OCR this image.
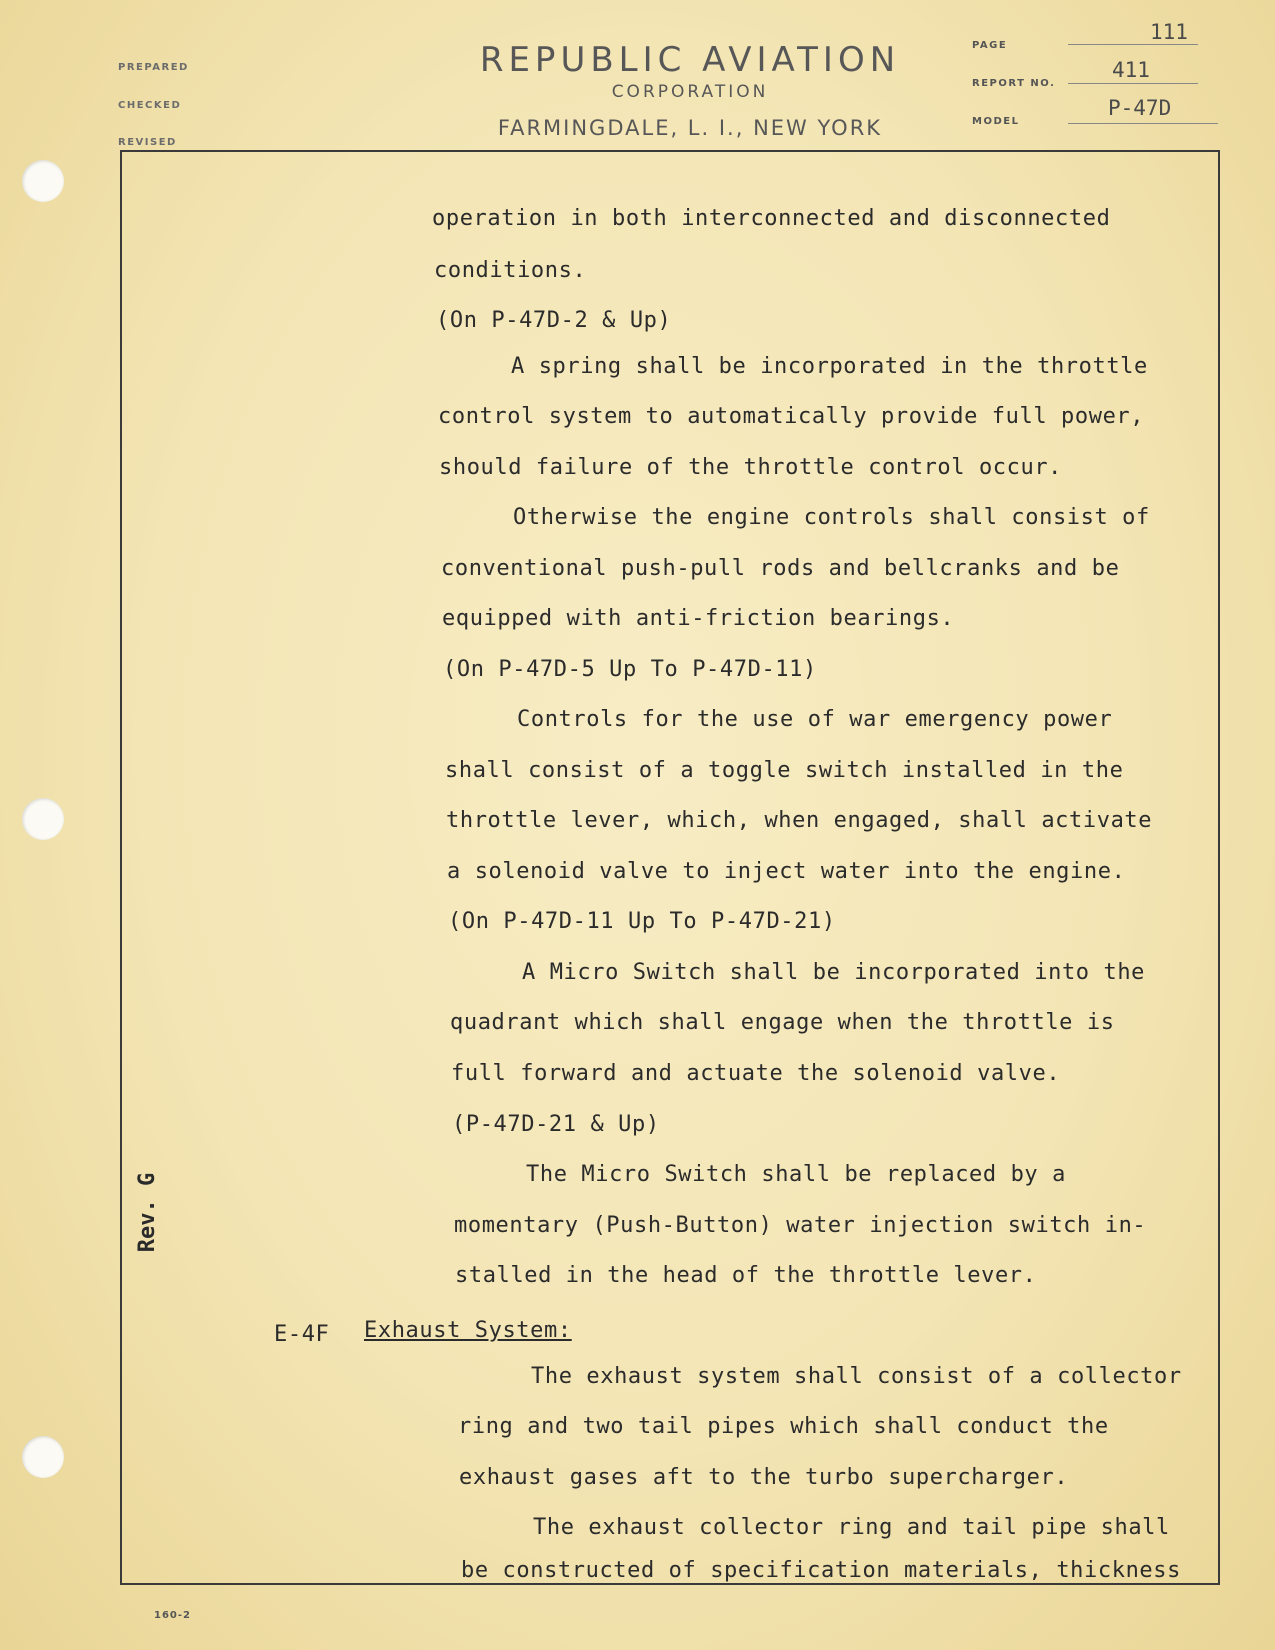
PREPARED
CHECKED
REVISED
REPUBLIC AVIATION
CORPORATION
FARMINGDALE, L. I., NEW YORK
PAGE
111
REPORT NO.
411
MODEL
P-47D
Rev. G
operation in both interconnected and disconnected
conditions.
(On P-47D-2 & Up)
A spring shall be incorporated in the throttle
control system to automatically provide full power,
should failure of the throttle control occur.
Otherwise the engine controls shall consist of
conventional push-pull rods and bellcranks and be
equipped with anti-friction bearings.
(On P-47D-5 Up To P-47D-11)
Controls for the use of war emergency power
shall consist of a toggle switch installed in the
throttle lever, which, when engaged, shall activate
a solenoid valve to inject water into the engine.
(On P-47D-11 Up To P-47D-21)
A Micro Switch shall be incorporated into the
quadrant which shall engage when the throttle is
full forward and actuate the solenoid valve.
(P-47D-21 & Up)
The Micro Switch shall be replaced by a
momentary (Push-Button) water injection switch in-
stalled in the head of the throttle lever.
E-4F Exhaust System:
The exhaust system shall consist of a collector
ring and two tail pipes which shall conduct the
exhaust gases aft to the turbo supercharger.
The exhaust collector ring and tail pipe shall
be constructed of specification materials, thickness
160-2
